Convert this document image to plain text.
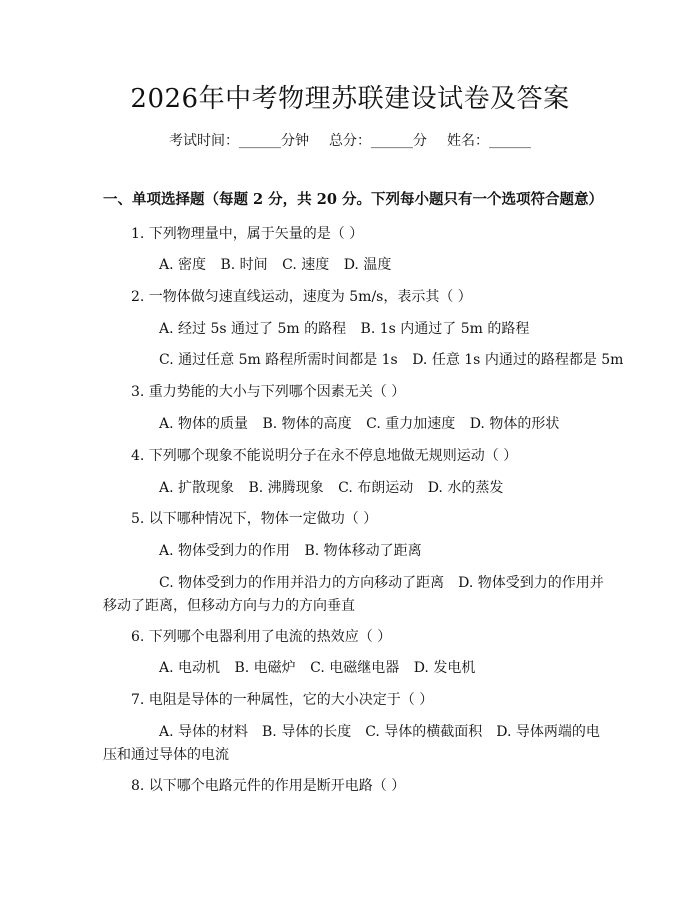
2026年中考物理苏联建设试卷及答案
考试时间：______分钟 总分：______分 姓名：______
一、单项选择题（每题 2 分，共 20 分。下列每小题只有一个选项符合题意）
1. 下列物理量中，属于矢量的是（ ）
A. 密度 B. 时间 C. 速度 D. 温度
2. 一物体做匀速直线运动，速度为 5m/s，表示其（ ）
A. 经过 5s 通过了 5m 的路程 B. 1s 内通过了 5m 的路程
C. 通过任意 5m 路程所需时间都是 1s D. 任意 1s 内通过的路程都是 5m
3. 重力势能的大小与下列哪个因素无关（ ）
A. 物体的质量 B. 物体的高度 C. 重力加速度 D. 物体的形状
4. 下列哪个现象不能说明分子在永不停息地做无规则运动（ ）
A. 扩散现象 B. 沸腾现象 C. 布朗运动 D. 水的蒸发
5. 以下哪种情况下，物体一定做功（ ）
A. 物体受到力的作用 B. 物体移动了距离
C. 物体受到力的作用并沿力的方向移动了距离　D. 物体受到力的作用并
移动了距离，但移动方向与力的方向垂直
6. 下列哪个电器利用了电流的热效应（ ）
A. 电动机 B. 电磁炉 C. 电磁继电器 D. 发电机
7. 电阻是导体的一种属性，它的大小决定于（ ）
A. 导体的材料　B. 导体的长度　C. 导体的横截面积　D. 导体两端的电
压和通过导体的电流
8. 以下哪个电路元件的作用是断开电路（ ）
